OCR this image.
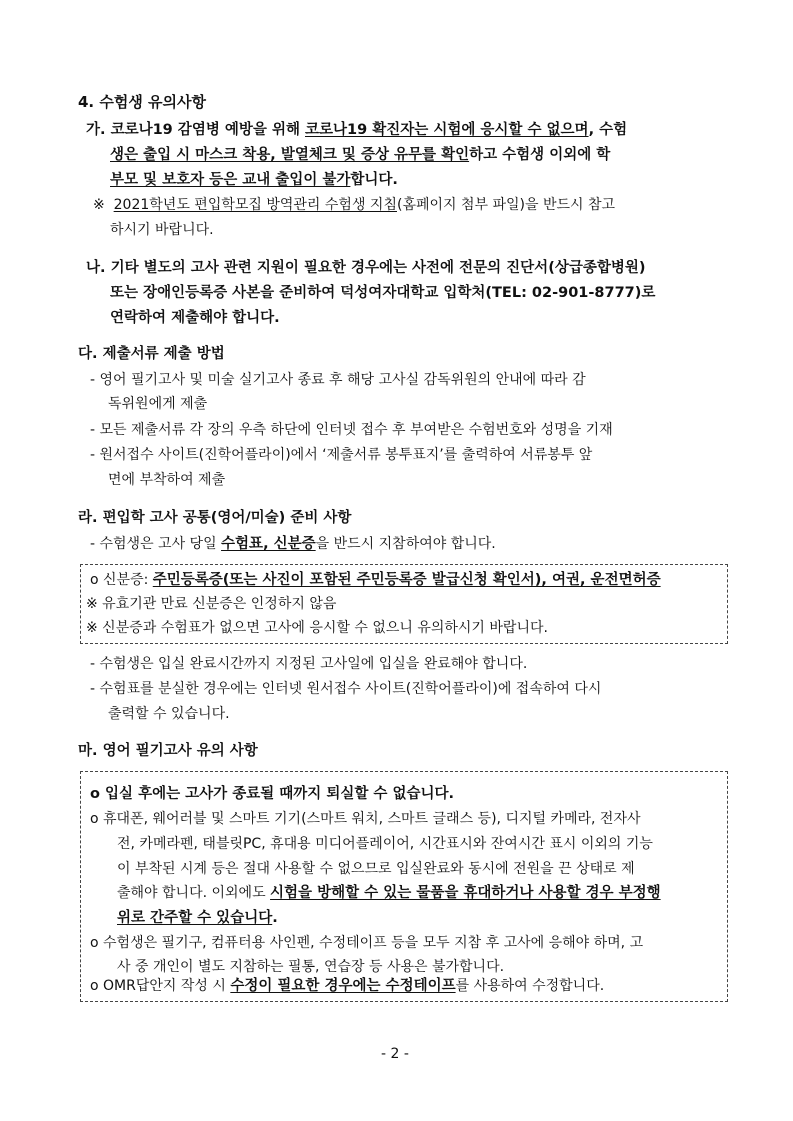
4. 수험생 유의사항
가. 코로나19 감염병 예방을 위해 코로나19 확진자는 시험에 응시할 수 없으며, 수험
생은 출입 시 마스크 착용, 발열체크 및 증상 유무를 확인하고 수험생 이외에 학
부모 및 보호자 등은 교내 출입이 불가합니다.
※ 2021학년도 편입학모집 방역관리 수험생 지침(홈페이지 첨부 파일)을 반드시 참고
하시기 바랍니다.
나. 기타 별도의 고사 관련 지원이 필요한 경우에는 사전에 전문의 진단서(상급종합병원)
또는 장애인등록증 사본을 준비하여 덕성여자대학교 입학처(TEL: 02-901-8777)로
연락하여 제출해야 합니다.
다. 제출서류 제출 방법
- 영어 필기고사 및 미술 실기고사 종료 후 해당 고사실 감독위원의 안내에 따라 감
독위원에게 제출
- 모든 제출서류 각 장의 우측 하단에 인터넷 접수 후 부여받은 수험번호와 성명을 기재
- 원서접수 사이트(진학어플라이)에서 ‘제출서류 봉투표지’를 출력하여 서류봉투 앞
면에 부착하여 제출
라. 편입학 고사 공통(영어/미술) 준비 사항
- 수험생은 고사 당일 수험표, 신분증을 반드시 지참하여야 합니다.

o 신분증: 주민등록증(또는 사진이 포함된 주민등록증 발급신청 확인서), 여권, 운전면허증
※ 유효기관 만료 신분증은 인정하지 않음
※ 신분증과 수험표가 없으면 고사에 응시할 수 없으니 유의하시기 바랍니다.
- 수험생은 입실 완료시간까지 지정된 고사일에 입실을 완료해야 합니다.
- 수험표를 분실한 경우에는 인터넷 원서접수 사이트(진학어플라이)에 접속하여 다시
출력할 수 있습니다.
마. 영어 필기고사 유의 사항
o 입실 후에는 고사가 종료될 때까지 퇴실할 수 없습니다.
o 휴대폰, 웨어러블 및 스마트 기기(스마트 워치, 스마트 글래스 등), 디지털 카메라, 전자사
전, 카메라펜, 태블릿PC, 휴대용 미디어플레이어, 시간표시와 잔여시간 표시 이외의 기능
이 부착된 시계 등은 절대 사용할 수 없으므로 입실완료와 동시에 전원을 끈 상태로 제
출해야 합니다. 이외에도 시험을 방해할 수 있는 물품을 휴대하거나 사용할 경우 부정행
위로 간주할 수 있습니다.
o 수험생은 필기구, 컴퓨터용 사인펜, 수정테이프 등을 모두 지참 후 고사에 응해야 하며, 고
사 중 개인이 별도 지참하는 필통, 연습장 등 사용은 불가합니다.
o OMR답안지 작성 시 수정이 필요한 경우에는 수정테이프를 사용하여 수정합니다.
- 2 -
